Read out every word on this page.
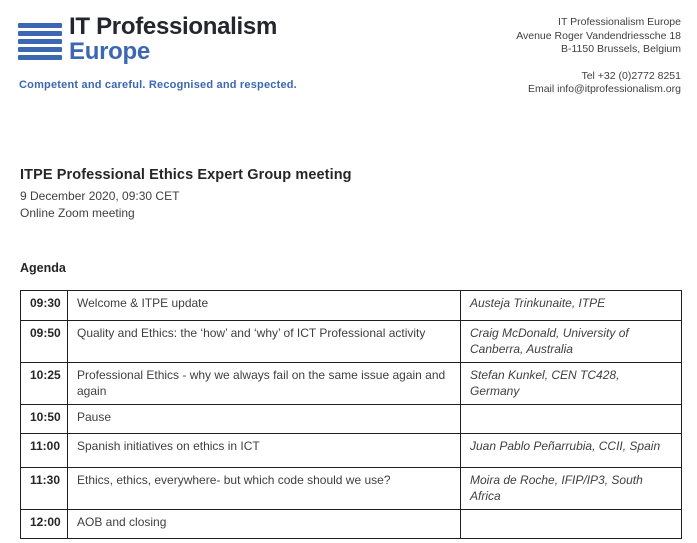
IT Professionalism
Europe
Competent and careful. Recognised and respected.
IT Professionalism Europe
Avenue Roger Vandendriessche 18
B-1150 Brussels, Belgium
Tel +32 (0)2772 8251
Email info@itprofessionalism.org
ITPE Professional Ethics Expert Group meeting
9 December 2020, 09:30 CET
Online Zoom meeting
Agenda
09:30	Welcome & ITPE update	Austeja Trinkunaite, ITPE
09:50	Quality and Ethics: the ‘how’ and ‘why’ of ICT Professional activity	Craig McDonald, University of Canberra, Australia
10:25	Professional Ethics - why we always fail on the same issue again and again	Stefan Kunkel, CEN TC428, Germany
10:50	Pause	
11:00	Spanish initiatives on ethics in ICT	Juan Pablo Peñarrubia, CCII, Spain
11:30	Ethics, ethics, everywhere- but which code should we use?	Moira de Roche, IFIP/IP3, South Africa
12:00	AOB and closing	
